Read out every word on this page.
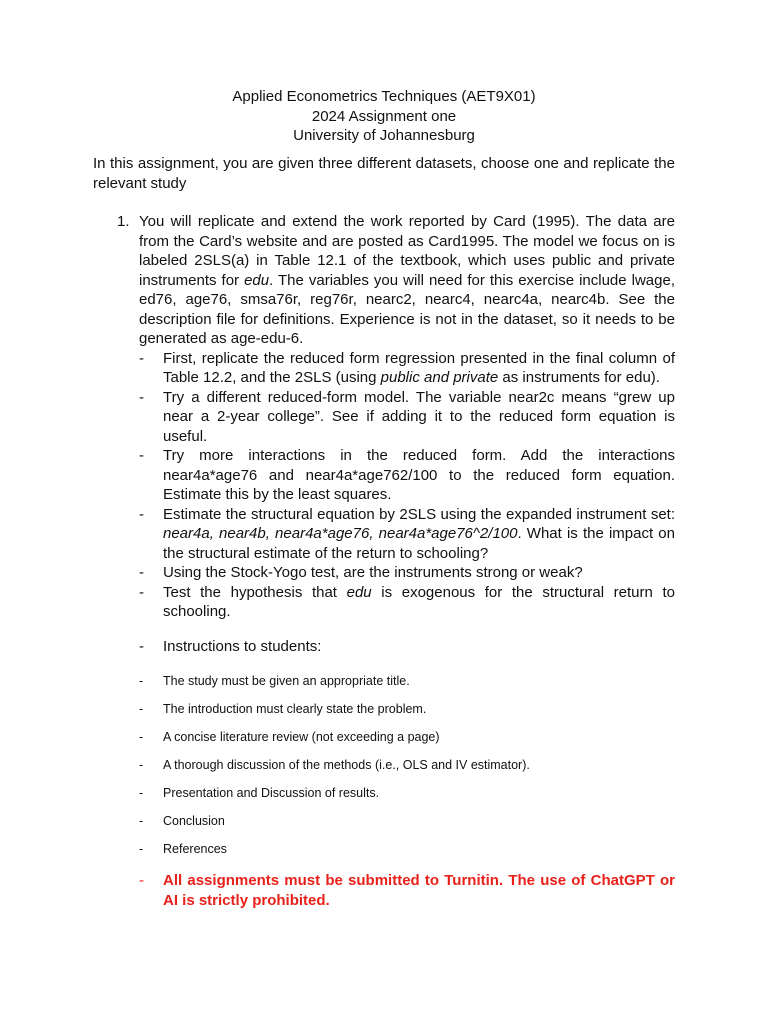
Applied Econometrics Techniques (AET9X01)
2024 Assignment one
University of Johannesburg
In this assignment, you are given three different datasets, choose one and replicate the relevant study
1. You will replicate and extend the work reported by Card (1995). The data are from the Card’s website and are posted as Card1995. The model we focus on is labeled 2SLS(a) in Table 12.1 of the textbook, which uses public and private instruments for edu. The variables you will need for this exercise include lwage, ed76, age76, smsa76r, reg76r, nearc2, nearc4, nearc4a, nearc4b. See the description file for definitions. Experience is not in the dataset, so it needs to be generated as age-edu-6.
- First, replicate the reduced form regression presented in the final column of Table 12.2, and the 2SLS (using public and private as instruments for edu).
- Try a different reduced-form model. The variable near2c means “grew up near a 2-year college”. See if adding it to the reduced form equation is useful.
- Try more interactions in the reduced form. Add the interactions near4a*age76 and near4a*age762/100 to the reduced form equation. Estimate this by the least squares.
- Estimate the structural equation by 2SLS using the expanded instrument set: near4a, near4b, near4a*age76, near4a*age76^2/100. What is the impact on the structural estimate of the return to schooling?
- Using the Stock-Yogo test, are the instruments strong or weak?
- Test the hypothesis that edu is exogenous for the structural return to schooling.
- Instructions to students:
- The study must be given an appropriate title.
- The introduction must clearly state the problem.
- A concise literature review (not exceeding a page)
- A thorough discussion of the methods (i.e., OLS and IV estimator).
- Presentation and Discussion of results.
- Conclusion
- References
-	All assignments must be submitted to Turnitin. The use of ChatGPT or AI is strictly prohibited.
